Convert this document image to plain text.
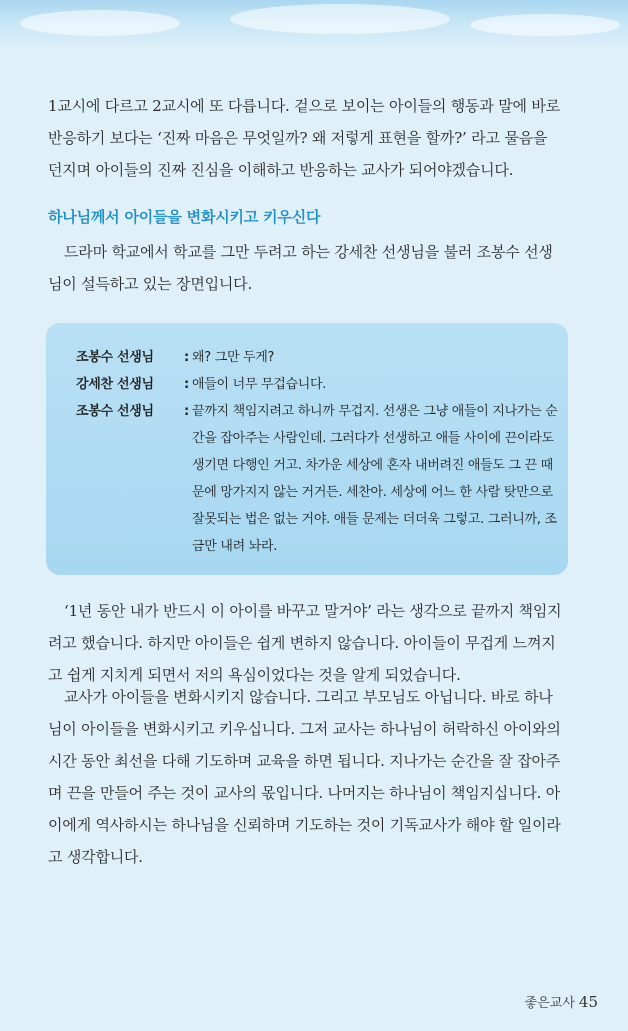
1교시에 다르고 2교시에 또 다릅니다. 겉으로 보이는 아이들의 행동과 말에 바로
반응하기 보다는 ‘진짜 마음은 무엇일까? 왜 저렇게 표현을 할까?’ 라고 물음을
던지며 아이들의 진짜 진심을 이해하고 반응하는 교사가 되어야겠습니다.

하나님께서 아이들을 변화시키고 키우신다

드라마 학교에서 학교를 그만 두려고 하는 강세찬 선생님을 불러 조봉수 선생
님이 설득하고 있는 장면입니다.

조봉수 선생님	: 왜? 그만 두게?
강세찬 선생님	: 애들이 너무 무겁습니다.
조봉수 선생님	: 끝까지 책임지려고 하니까 무겁지. 선생은 그냥 애들이 지나가는 순
간을 잡아주는 사람인데. 그러다가 선생하고 애들 사이에 끈이라도
생기면 다행인 거고. 차가운 세상에 혼자 내버려진 애들도 그 끈 때
문에 망가지지 않는 거거든. 세찬아. 세상에 어느 한 사람 탓만으로
잘못되는 법은 없는 거야. 애들 문제는 더더욱 그렇고. 그러니까, 조
금만 내려 놔라.

‘1년 동안 내가 반드시 이 아이를 바꾸고 말거야’ 라는 생각으로 끝까지 책임지
려고 했습니다. 하지만 아이들은 쉽게 변하지 않습니다. 아이들이 무겁게 느껴지
고 쉽게 지치게 되면서 저의 욕심이었다는 것을 알게 되었습니다.

교사가 아이들을 변화시키지 않습니다. 그리고 부모님도 아닙니다. 바로 하나
님이 아이들을 변화시키고 키우십니다. 그저 교사는 하나님이 허락하신 아이와의
시간 동안 최선을 다해 기도하며 교육을 하면 됩니다. 지나가는 순간을 잘 잡아주
며 끈을 만들어 주는 것이 교사의 몫입니다. 나머지는 하나님이 책임지십니다. 아
이에게 역사하시는 하나님을 신뢰하며 기도하는 것이 기독교사가 해야 할 일이라
고 생각합니다.

좋은교사 45
